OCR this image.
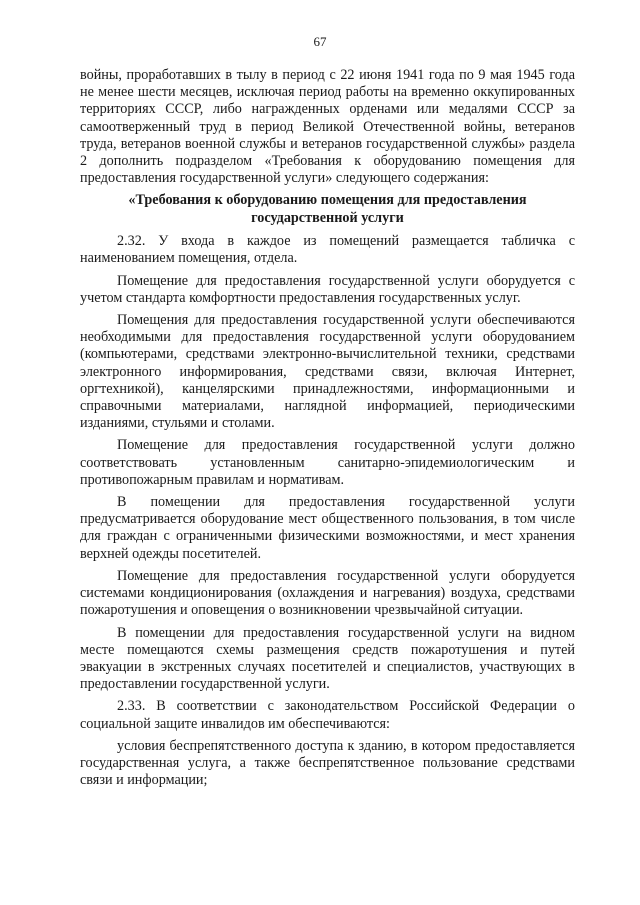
67

войны, проработавших в тылу в период с 22 июня 1941 года по 9 мая 1945 года не менее шести месяцев, исключая период работы на временно оккупированных территориях СССР, либо награжденных орденами или медалями СССР за самоотверженный труд в период Великой Отечественной войны, ветеранов труда, ветеранов военной службы и ветеранов государственной службы» раздела 2 дополнить подразделом «Требования к оборудованию помещения для предоставления государственной услуги» следующего содержания:

«Требования к оборудованию помещения для предоставления государственной услуги

2.32. У входа в каждое из помещений размещается табличка с наименованием помещения, отдела.

Помещение для предоставления государственной услуги оборудуется с учетом стандарта комфортности предоставления государственных услуг.

Помещения для предоставления государственной услуги обеспечиваются необходимыми для предоставления государственной услуги оборудованием (компьютерами, средствами электронно-вычислительной техники, средствами электронного информирования, средствами связи, включая Интернет, оргтехникой), канцелярскими принадлежностями, информационными и справочными материалами, наглядной информацией, периодическими изданиями, стульями и столами.

Помещение для предоставления государственной услуги должно соответствовать установленным санитарно-эпидемиологическим и противопожарным правилам и нормативам.

В помещении для предоставления государственной услуги предусматривается оборудование мест общественного пользования, в том числе для граждан с ограниченными физическими возможностями, и мест хранения верхней одежды посетителей.

Помещение для предоставления государственной услуги оборудуется системами кондиционирования (охлаждения и нагревания) воздуха, средствами пожаротушения и оповещения о возникновении чрезвычайной ситуации.

В помещении для предоставления государственной услуги на видном месте помещаются схемы размещения средств пожаротушения и путей эвакуации в экстренных случаях посетителей и специалистов, участвующих в предоставлении государственной услуги.

2.33. В соответствии с законодательством Российской Федерации о социальной защите инвалидов им обеспечиваются:

условия беспрепятственного доступа к зданию, в котором предоставляется государственная услуга, а также беспрепятственное пользование средствами связи и информации;
